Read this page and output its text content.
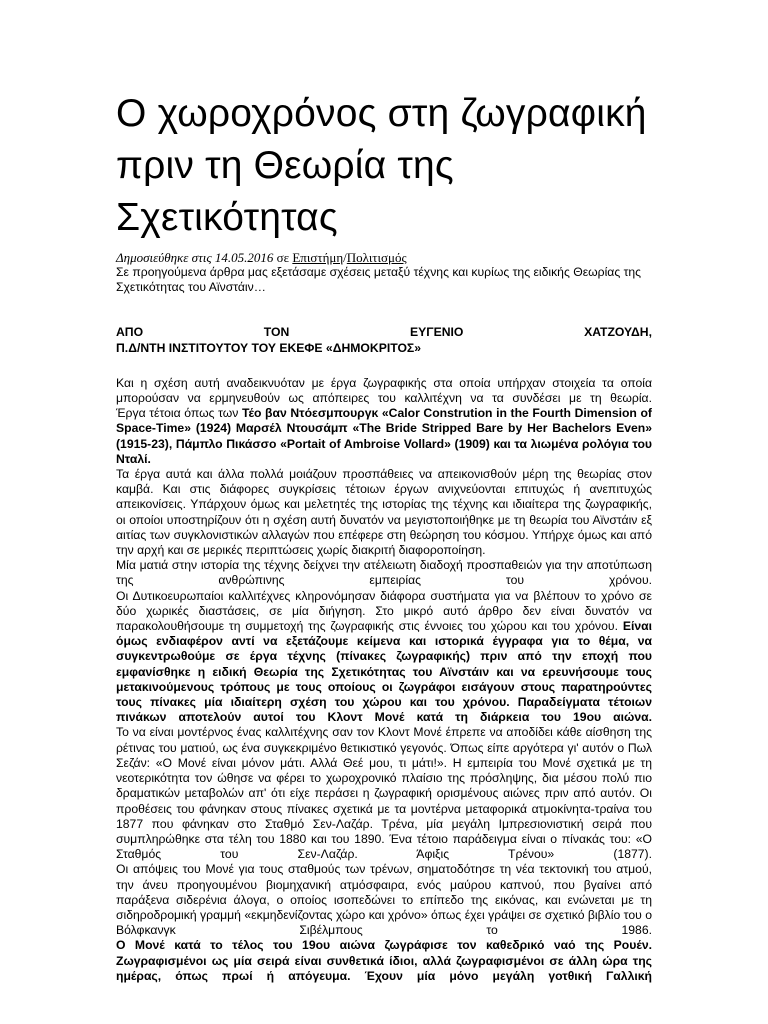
Ο χωροχρόνος στη ζωγραφική πριν τη Θεωρία της Σχετικότητας
Δημοσιεύθηκε στις 14.05.2016 σε Επιστήμη/Πολιτισμός

Σε προηγούμενα άρθρα μας εξετάσαμε σχέσεις μεταξύ τέχνης και κυρίως της ειδικής Θεωρίας της Σχετικότητας του Αϊνστάιν…

ΑΠΟ ΤΟΝ ΕΥΓΕΝΙΟ ΧΑΤΖΟΥΔΗ,

Π.Δ/ΝΤΗ ΙΝΣΤΙΤΟΥΤΟΥ ΤΟΥ ΕΚΕΦΕ «ΔΗΜΟΚΡΙΤΟΣ»

Και η σχέση αυτή αναδεικνυόταν με έργα ζωγραφικής στα οποία υπήρχαν στοιχεία τα οποία μπορούσαν να ερμηνευθούν ως απόπειρες του καλλιτέχνη να τα συνδέσει με τη θεωρία.

Έργα τέτοια όπως των Τέο βαν Ντόεσμπουργκ «Calor Constrution in the Fourth Dimension of Space-Time» (1924) Μαρσέλ Ντουσάμπ «The Bride Stripped Bare by Her Bachelors Even» (1915-23), Πάμπλο Πικάσσο «Portait of Ambroise Vollard» (1909) και τα λιωμένα ρολόγια του Νταλί.

Τα έργα αυτά και άλλα πολλά μοιάζουν προσπάθειες να απεικονισθούν μέρη της θεωρίας στον καμβά. Και στις διάφορες συγκρίσεις τέτοιων έργων ανιχνεύονται επιτυχώς ή ανεπιτυχώς απεικονίσεις. Υπάρχουν όμως και μελετητές της ιστορίας της τέχνης και ιδιαίτερα της ζωγραφικής, οι οποίοι υποστηρίζουν ότι η σχέση αυτή δυνατόν να μεγιστοποιήθηκε με τη θεωρία του Αϊνστάιν εξ αιτίας των συγκλονιστικών αλλαγών που επέφερε στη θεώρηση του κόσμου. Υπήρχε όμως και από την αρχή και σε μερικές περιπτώσεις χωρίς διακριτή διαφοροποίηση.

Μία ματιά στην ιστορία της τέχνης δείχνει την ατέλειωτη διαδοχή προσπαθειών για την αποτύπωση της ανθρώπινης εμπειρίας του χρόνου.

Οι Δυτικοευρωπαίοι καλλιτέχνες κληρονόμησαν διάφορα συστήματα για να βλέπουν το χρόνο σε δύο χωρικές διαστάσεις, σε μία διήγηση. Στο μικρό αυτό άρθρο δεν είναι δυνατόν να παρακολουθήσουμε τη συμμετοχή της ζωγραφικής στις έννοιες του χώρου και του χρόνου. Είναι όμως ενδιαφέρον αντί να εξετάζουμε κείμενα και ιστορικά έγγραφα για το θέμα, να συγκεντρωθούμε σε έργα τέχνης (πίνακες ζωγραφικής) πριν από την εποχή που εμφανίσθηκε η ειδική Θεωρία της Σχετικότητας του Αϊνστάιν και να ερευνήσουμε τους μετακινούμενους τρόπους με τους οποίους οι ζωγράφοι εισάγουν στους παρατηρούντες τους πίνακες μία ιδιαίτερη σχέση του χώρου και του χρόνου. Παραδείγματα τέτοιων πινάκων αποτελούν αυτοί του Κλοντ Μονέ κατά τη διάρκεια του 19ου αιώνα.

Το να είναι μοντέρνος ένας καλλιτέχνης σαν τον Κλοντ Μονέ έπρεπε να αποδίδει κάθε αίσθηση της ρέτινας του ματιού, ως ένα συγκεκριμένο θετικιστικό γεγονός. Όπως είπε αργότερα γι' αυτόν ο Πωλ Σεζάν: «Ο Μονέ είναι μόνον μάτι. Αλλά Θεέ μου, τι μάτι!». Η εμπειρία του Μονέ σχετικά με τη νεοτερικότητα τον ώθησε να φέρει το χωροχρονικό πλαίσιο της πρόσληψης, δια μέσου πολύ πιο δραματικών μεταβολών απ' ότι είχε περάσει η ζωγραφική ορισμένους αιώνες πριν από αυτόν. Οι προθέσεις του φάνηκαν στους πίνακες σχετικά με τα μοντέρνα μεταφορικά ατμοκίνητα-τραίνα του 1877 που φάνηκαν στο Σταθμό Σεν-Λαζάρ. Τρένα, μία μεγάλη Ιμπρεσιονιστική σειρά που συμπληρώθηκε στα τέλη του 1880 και του 1890. Ένα τέτοιο παράδειγμα είναι ο πίνακάς του: «Ο Σταθμός του Σεν-Λαζάρ. Άφιξις Τρένου» (1877).

Οι απόψεις του Μονέ για τους σταθμούς των τρένων, σηματοδότησε τη νέα τεκτονική του ατμού, την άνευ προηγουμένου βιομηχανική ατμόσφαιρα, ενός μαύρου καπνού, που βγαίνει από παράξενα σιδερένια άλογα, ο οποίος ισοπεδώνει το επίπεδο της εικόνας, και ενώνεται με τη σιδηροδρομική γραμμή «εκμηδενίζοντας χώρο και χρόνο» όπως έχει γράψει σε σχετικό βιβλίο του ο Βόλφκανγκ Σιβέλμπους το 1986.

Ο Μονέ κατά το τέλος του 19ου αιώνα ζωγράφισε τον καθεδρικό ναό της Ρουέν. Ζωγραφισμένοι ως μία σειρά είναι συνθετικά ίδιοι, αλλά ζωγραφισμένοι σε άλλη ώρα της ημέρας, όπως πρωί ή απόγευμα. Έχουν μία μόνο μεγάλη γοτθική Γαλλική
